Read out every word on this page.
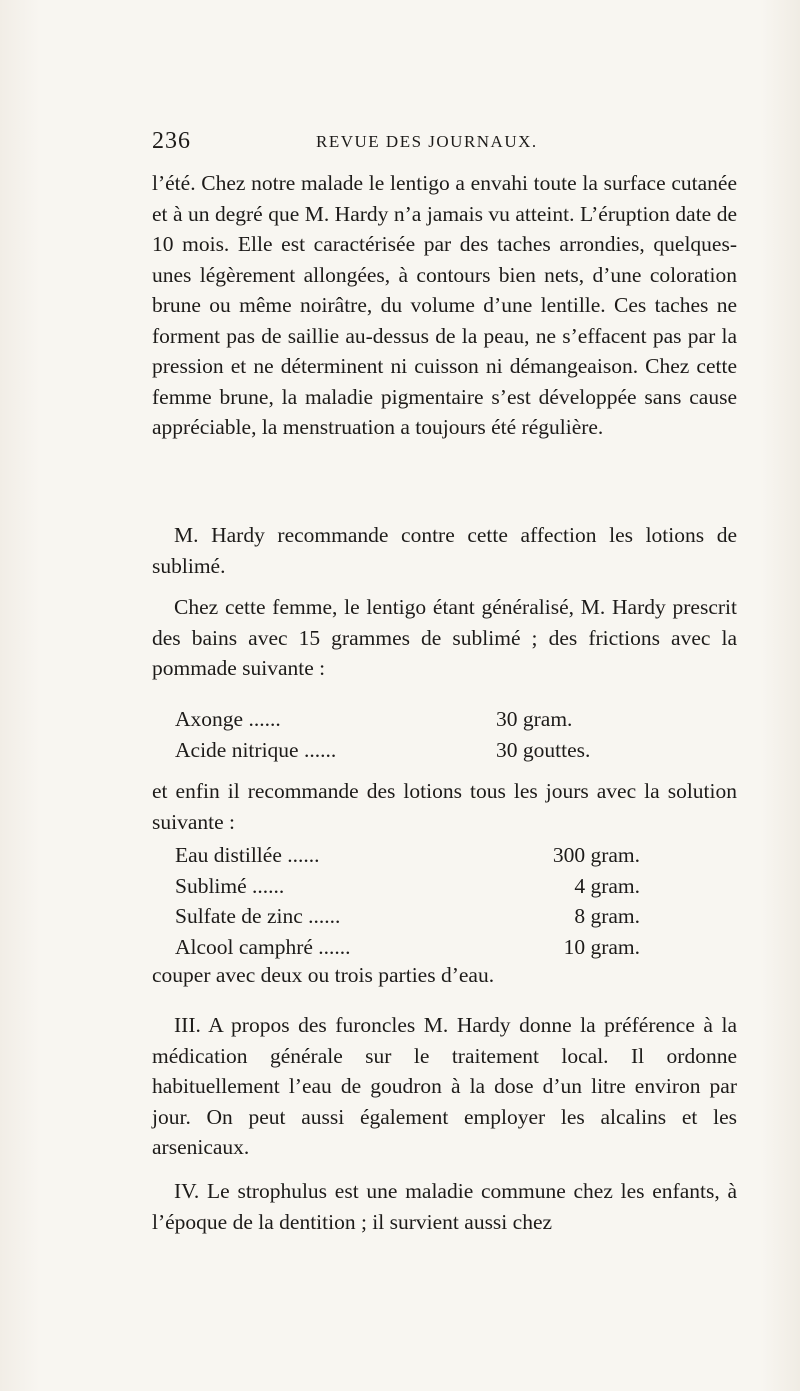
236	REVUE DES JOURNAUX.
l’été. Chez notre malade le lentigo a envahi toute la surface cutanée et à un degré que M. Hardy n’a jamais vu atteint. L’éruption date de 10 mois. Elle est caractérisée par des taches arrondies, quelques-unes légèrement allongées, à contours bien nets, d’une coloration brune ou même noirâtre, du volume d’une lentille. Ces taches ne forment pas de saillie au-dessus de la peau, ne s’effacent pas par la pression et ne déterminent ni cuisson ni démangeaison. Chez cette femme brune, la maladie pigmentaire s’est développée sans cause appréciable, la menstruation a toujours été régulière.
M. Hardy recommande contre cette affection les lotions de sublimé.
Chez cette femme, le lentigo étant généralisé, M. Hardy prescrit des bains avec 15 grammes de sublimé ; des frictions avec la pommade suivante :
Axonge ......	30 gram.
Acide nitrique ......	30 gouttes.
et enfin il recommande des lotions tous les jours avec la solution suivante :
Eau distillée ......	300 gram.
Sublimé ......	4 gram.
Sulfate de zinc ......	8 gram.
Alcool camphré ......	10 gram.
couper avec deux ou trois parties d’eau.
III. A propos des furoncles M. Hardy donne la préférence à la médication générale sur le traitement local. Il ordonne habituellement l’eau de goudron à la dose d’un litre environ par jour. On peut aussi également employer les alcalins et les arsenicaux.
IV. Le strophulus est une maladie commune chez les enfants, à l’époque de la dentition ; il survient aussi chez
